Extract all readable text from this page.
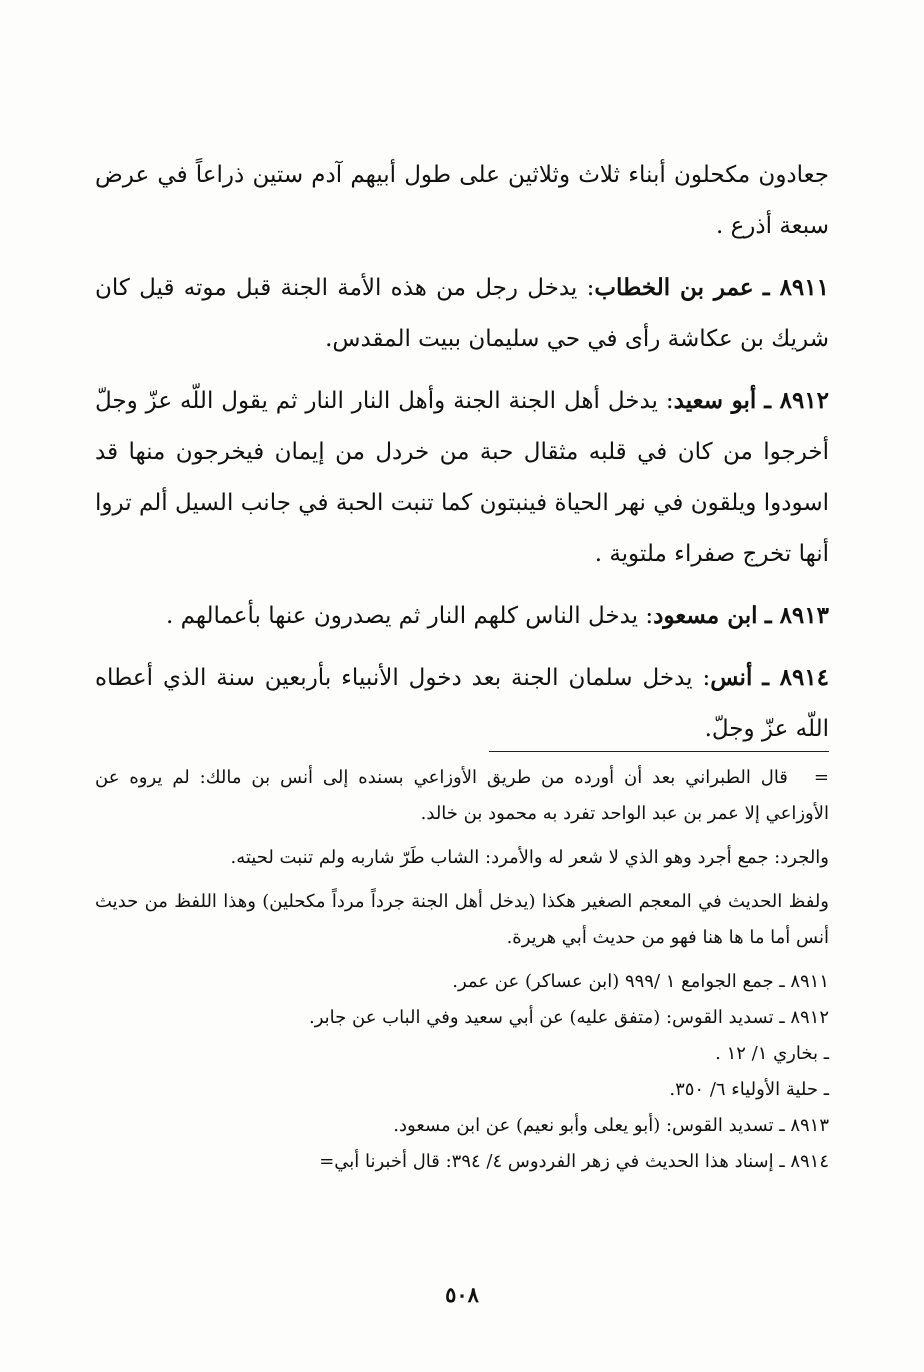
جعادون مكحلون أبناء ثلاث وثلاثين على طول أبيهم آدم ستين ذراعاً في عرض سبعة أذرع .

٨٩١١ ـ عمر بن الخطاب: يدخل رجل من هذه الأمة الجنة قبل موته قيل كان شريك بن عكاشة رأى في حي سليمان ببيت المقدس.

٨٩١٢ ـ أبو سعيد: يدخل أهل الجنة الجنة وأهل النار النار ثم يقول اللّه عزّ وجلّ أخرجوا من كان في قلبه مثقال حبة من خردل من إيمان فيخرجون منها قد اسودوا ويلقون في نهر الحياة فينبتون كما تنبت الحبة في جانب السيل ألم تروا أنها تخرج صفراء ملتوية .

٨٩١٣ ـ ابن مسعود: يدخل الناس كلهم النار ثم يصدرون عنها بأعمالهم .

٨٩١٤ ـ أنس: يدخل سلمان الجنة بعد دخول الأنبياء بأربعين سنة الذي أعطاه اللّه عزّ وجلّ.

=قال الطبراني بعد أن أورده من طريق الأوزاعي بسنده إلى أنس بن مالك: لم يروه عن الأوزاعي إلا عمر بن عبد الواحد تفرد به محمود بن خالد.

والجرد: جمع أجرد وهو الذي لا شعر له والأمرد: الشاب طَرّ شاربه ولم تنبت لحيته.

ولفظ الحديث في المعجم الصغير هكذا (يدخل أهل الجنة جرداً مرداً مكحلين) وهذا اللفظ من حديث أنس أما ما ها هنا فهو من حديث أبي هريرة.

٨٩١١ ـ جمع الجوامع ١ /٩٩٩ (ابن عساكر) عن عمر.

٨٩١٢ ـ تسديد القوس: (متفق عليه) عن أبي سعيد وفي الباب عن جابر.

ـ بخاري ١/ ١٢ .

ـ حلية الأولياء ٦/ ٣٥٠.

٨٩١٣ ـ تسديد القوس: (أبو يعلى وأبو نعيم) عن ابن مسعود.

٨٩١٤ ـ إسناد هذا الحديث في زهر الفردوس ٤/ ٣٩٤: قال أخبرنا أبي=

٥٠٨
